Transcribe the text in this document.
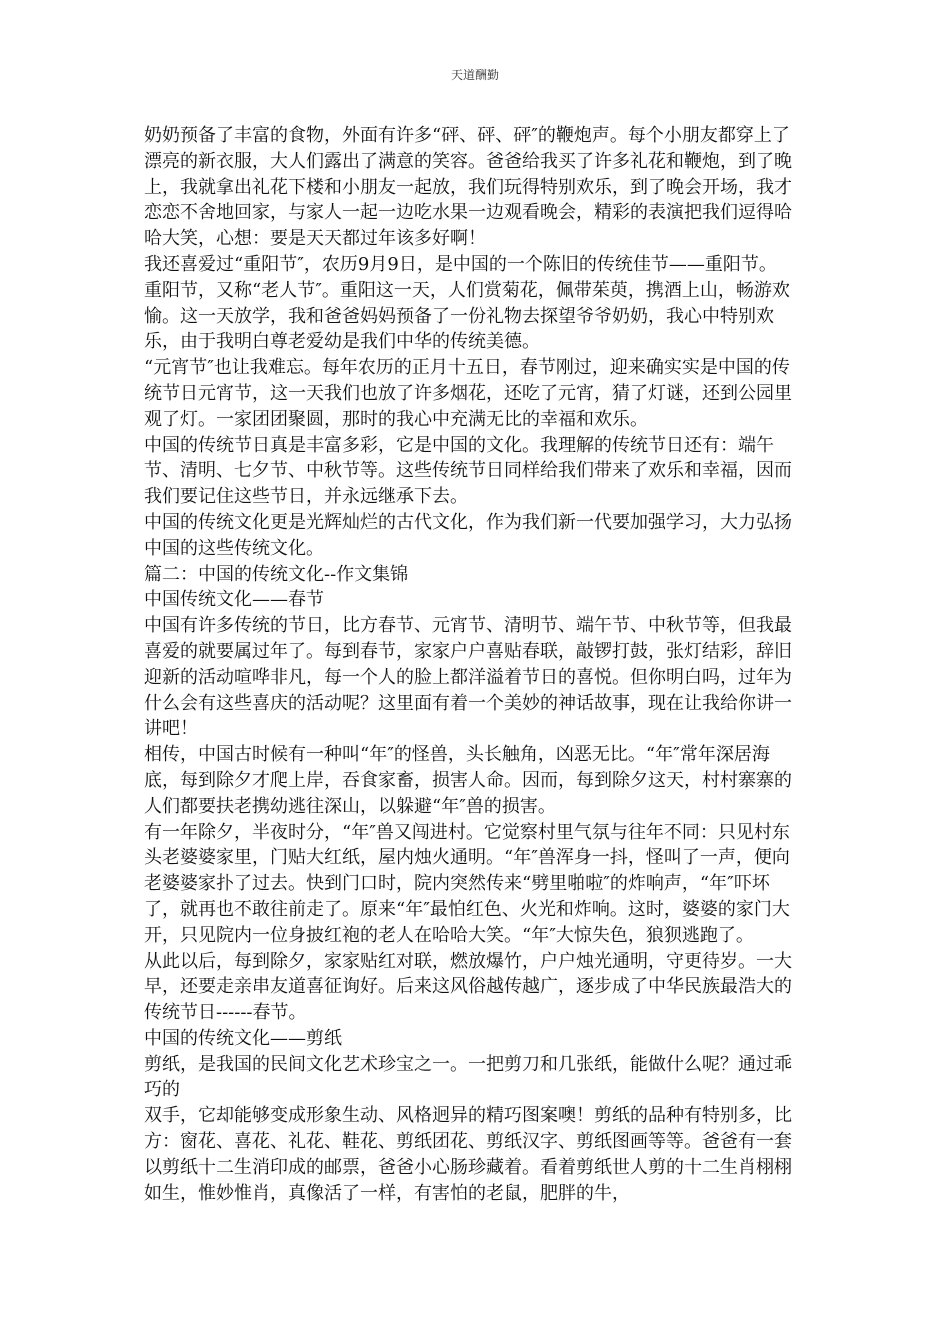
天道酬勤

奶奶预备了丰富的食物，外面有许多“砰、砰、砰″的鞭炮声。每个小朋友都穿上了漂亮的新衣服，大人们露出了满意的笑容。爸爸给我买了许多礼花和鞭炮，到了晚上，我就拿出礼花下楼和小朋友一起放，我们玩得特别欢乐，到了晚会开场，我才恋恋不舍地回家，与家人一起一边吃水果一边观看晚会，精彩的表演把我们逗得哈哈大笑，心想：要是天天都过年该多好啊！

我还喜爱过“重阳节″，农历9月9日，是中国的一个陈旧的传统佳节——重阳节。

重阳节，又称“老人节″。重阳这一天，人们赏菊花，佩带茱萸，携酒上山，畅游欢愉。这一天放学，我和爸爸妈妈预备了一份礼物去探望爷爷奶奶，我心中特别欢乐，由于我明白尊老爱幼是我们中华的传统美德。

“元宵节″也让我难忘。每年农历的正月十五日，春节刚过，迎来确实实是中国的传统节日元宵节，这一天我们也放了许多烟花，还吃了元宵，猜了灯谜，还到公园里观了灯。一家团团聚圆，那时的我心中充满无比的幸福和欢乐。

中国的传统节日真是丰富多彩，它是中国的文化。我理解的传统节日还有：端午节、清明、七夕节、中秋节等。这些传统节日同样给我们带来了欢乐和幸福，因而我们要记住这些节日，并永远继承下去。

中国的传统文化更是光辉灿烂的古代文化，作为我们新一代要加强学习，大力弘扬中国的这些传统文化。

篇二：中国的传统文化--作文集锦

中国传统文化——春节

中国有许多传统的节日，比方春节、元宵节、清明节、端午节、中秋节等，但我最喜爱的就要属过年了。每到春节，家家户户喜贴春联，敲锣打鼓，张灯结彩，辞旧迎新的活动喧哗非凡，每一个人的脸上都洋溢着节日的喜悦。但你明白吗，过年为什么会有这些喜庆的活动呢？这里面有着一个美妙的神话故事，现在让我给你讲一讲吧！

相传，中国古时候有一种叫“年″的怪兽，头长触角，凶恶无比。“年″常年深居海底，每到除夕才爬上岸，吞食家畜，损害人命。因而，每到除夕这天，村村寨寨的人们都要扶老携幼逃往深山，以躲避“年″兽的损害。

有一年除夕，半夜时分，“年″兽又闯进村。它觉察村里气氛与往年不同：只见村东头老婆婆家里，门贴大红纸，屋内烛火通明。“年″兽浑身一抖，怪叫了一声，便向老婆婆家扑了过去。快到门口时，院内突然传来“劈里啪啦″的炸响声，“年″吓坏了，就再也不敢往前走了。原来“年″最怕红色、火光和炸响。这时，婆婆的家门大开，只见院内一位身披红袍的老人在哈哈大笑。“年″大惊失色，狼狈逃跑了。

从此以后，每到除夕，家家贴红对联，燃放爆竹，户户烛光通明，守更待岁。一大早，还要走亲串友道喜征询好。后来这风俗越传越广，逐步成了中华民族最浩大的传统节日------春节。

中国的传统文化——剪纸

剪纸，是我国的民间文化艺术珍宝之一。一把剪刀和几张纸，能做什么呢？通过乖巧的

双手，它却能够变成形象生动、风格迥异的精巧图案噢！剪纸的品种有特别多，比方：窗花、喜花、礼花、鞋花、剪纸团花、剪纸汉字、剪纸图画等等。爸爸有一套以剪纸十二生消印成的邮票，爸爸小心肠珍藏着。看着剪纸世人剪的十二生肖栩栩如生，惟妙惟肖，真像活了一样，有害怕的老鼠，肥胖的牛，
